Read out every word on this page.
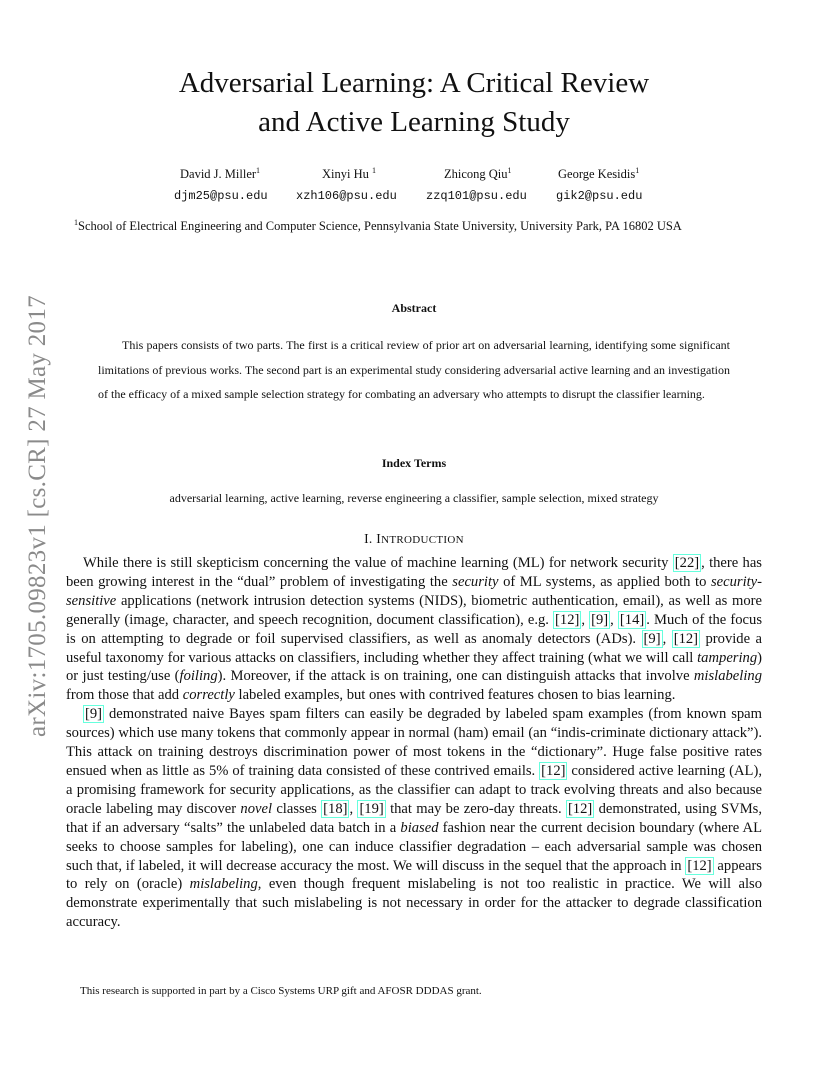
arXiv:1705.09823v1 [cs.CR] 27 May 2017
Adversarial Learning: A Critical Review
and Active Learning Study
David J. Miller$^1$	Xinyi Hu $^1$	Zhicong Qiu$^1$	George Kesidis$^1$
djm25@psu.edu xzh106@psu.edu zzq101@psu.edu gik2@psu.edu
$^1$School of Electrical Engineering and Computer Science, Pennsylvania State University, University Park, PA 16802 USA
Abstract

This papers consists of two parts. The first is a critical review of prior art on adversarial learning, identifying some significant limitations of previous works. The second part is an experimental study considering adversarial active learning and an investigation of the efficacy of a mixed sample selection strategy for combating an adversary who attempts to disrupt the classifier learning.

Index Terms
adversarial learning, active learning, reverse engineering a classifier, sample selection, mixed strategy
I. INTRODUCTION

While there is still skepticism concerning the value of machine learning (ML) for network security [22] , there has been growing interest in the “dual” problem of investigating the security of ML systems, as applied both to security-sensitive applications (network intrusion detection systems (NIDS), biometric authentication, email), as well as more generally (image, character, and speech recognition, document classification), e.g. [12] , [9] , [14] . Much of the focus is on attempting to degrade or foil supervised classifiers, as well as anomaly detectors (ADs). [9] , [12] provide a useful taxonomy for various attacks on classifiers, including whether they affect training (what we will call tampering) or just testing/use (foiling). Moreover, if the attack is on training, one can distinguish attacks that involve mislabeling from those that add correctly labeled examples, but ones with contrived features chosen to bias learning.

[9] demonstrated naive Bayes spam filters can easily be degraded by labeled spam examples (from known spam sources) which use many tokens that commonly appear in normal (ham) email (an “indis-criminate dictionary attack”). This attack on training destroys discrimination power of most tokens in the “dictionary”. Huge false positive rates ensued when as little as 5% of training data consisted of these contrived emails. [12] considered active learning (AL), a promising framework for security applications, as the classifier can adapt to track evolving threats and also because oracle labeling may discover novel classes [18] , [19] that may be zero-day threats. [12] demonstrated, using SVMs, that if an adversary “salts” the unlabeled data batch in a biased fashion near the current decision boundary (where AL seeks to choose samples for labeling), one can induce classifier degradation – each adversarial sample was chosen such that, if labeled, it will decrease accuracy the most. We will discuss in the sequel that the approach in [12] appears to rely on (oracle) mislabeling, even though frequent mislabeling is not too realistic in practice. We will also demonstrate experimentally that such mislabeling is not necessary in order for the attacker to degrade classification accuracy.

This research is supported in part by a Cisco Systems URP gift and AFOSR DDDAS grant.
